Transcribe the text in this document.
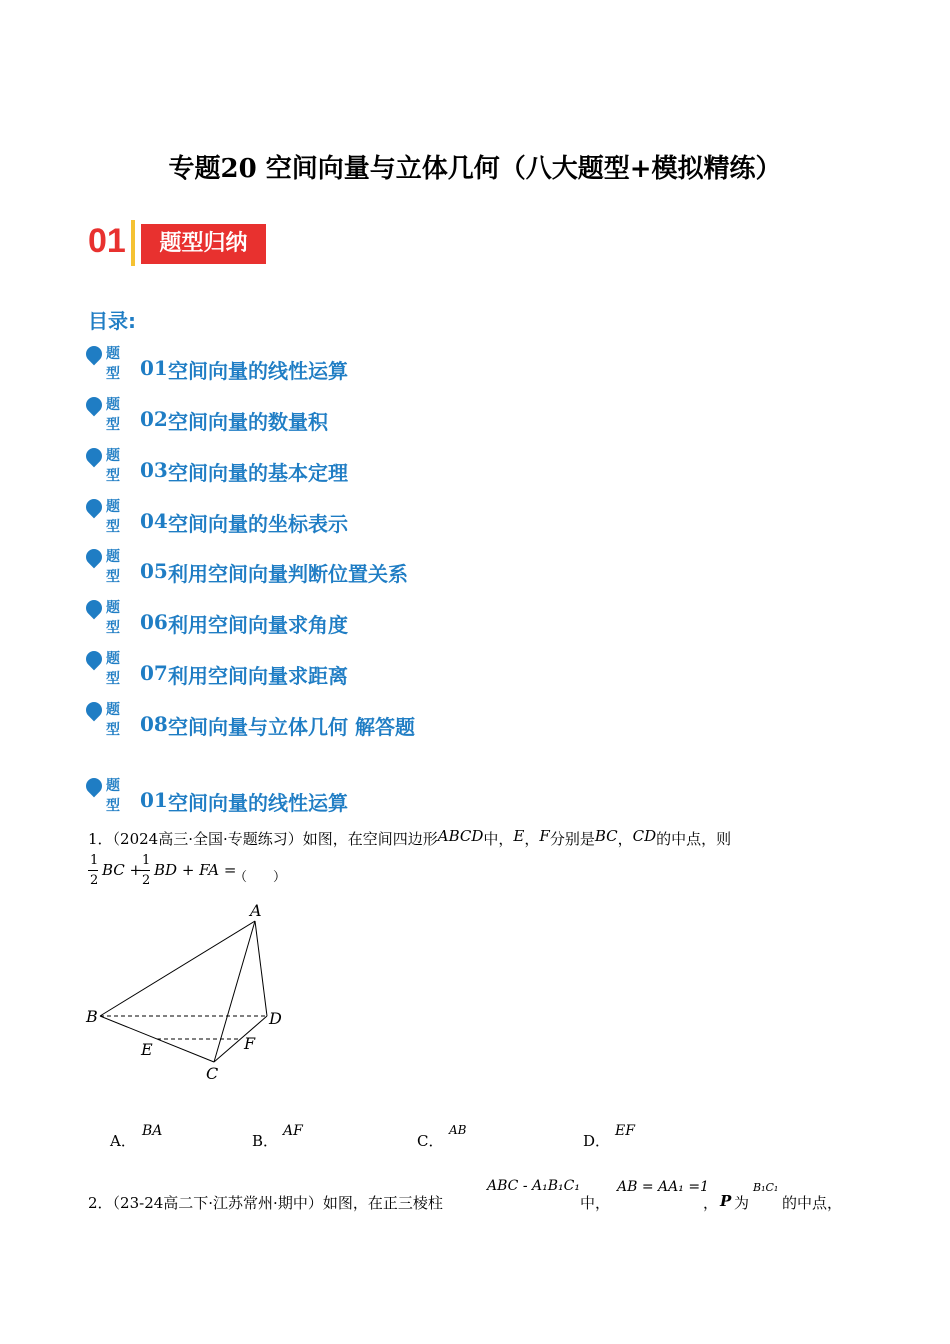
专题20 空间向量与立体几何（八大题型+模拟精练）
01	题型归纳
目录:
题型 01 空间向量的线性运算
题型 02 空间向量的数量积
题型 03 空间向量的基本定理
题型 04 空间向量的坐标表示
题型 05 利用空间向量判断位置关系
题型 06 利用空间向量求角度
题型 07 利用空间向量求距离
题型 08 空间向量与立体几何 解答题
题型 01 空间向量的线性运算
1．（2024高三·全国·专题练习）如图，在空间四边形ABCD中，E，F分别是BC，CD的中点，则
1
2
BC +
1
2
BD + FA =
（　　）
A
B	D
E	F
C
A．
BA
B．
AF
C．
AB
D．
EF
2．（23-24高二下·江苏常州·期中）如图，在正三棱柱
ABC - A₁B₁C₁
中，
AB = AA₁ =1
， P 为
B₁C₁
的中点，
